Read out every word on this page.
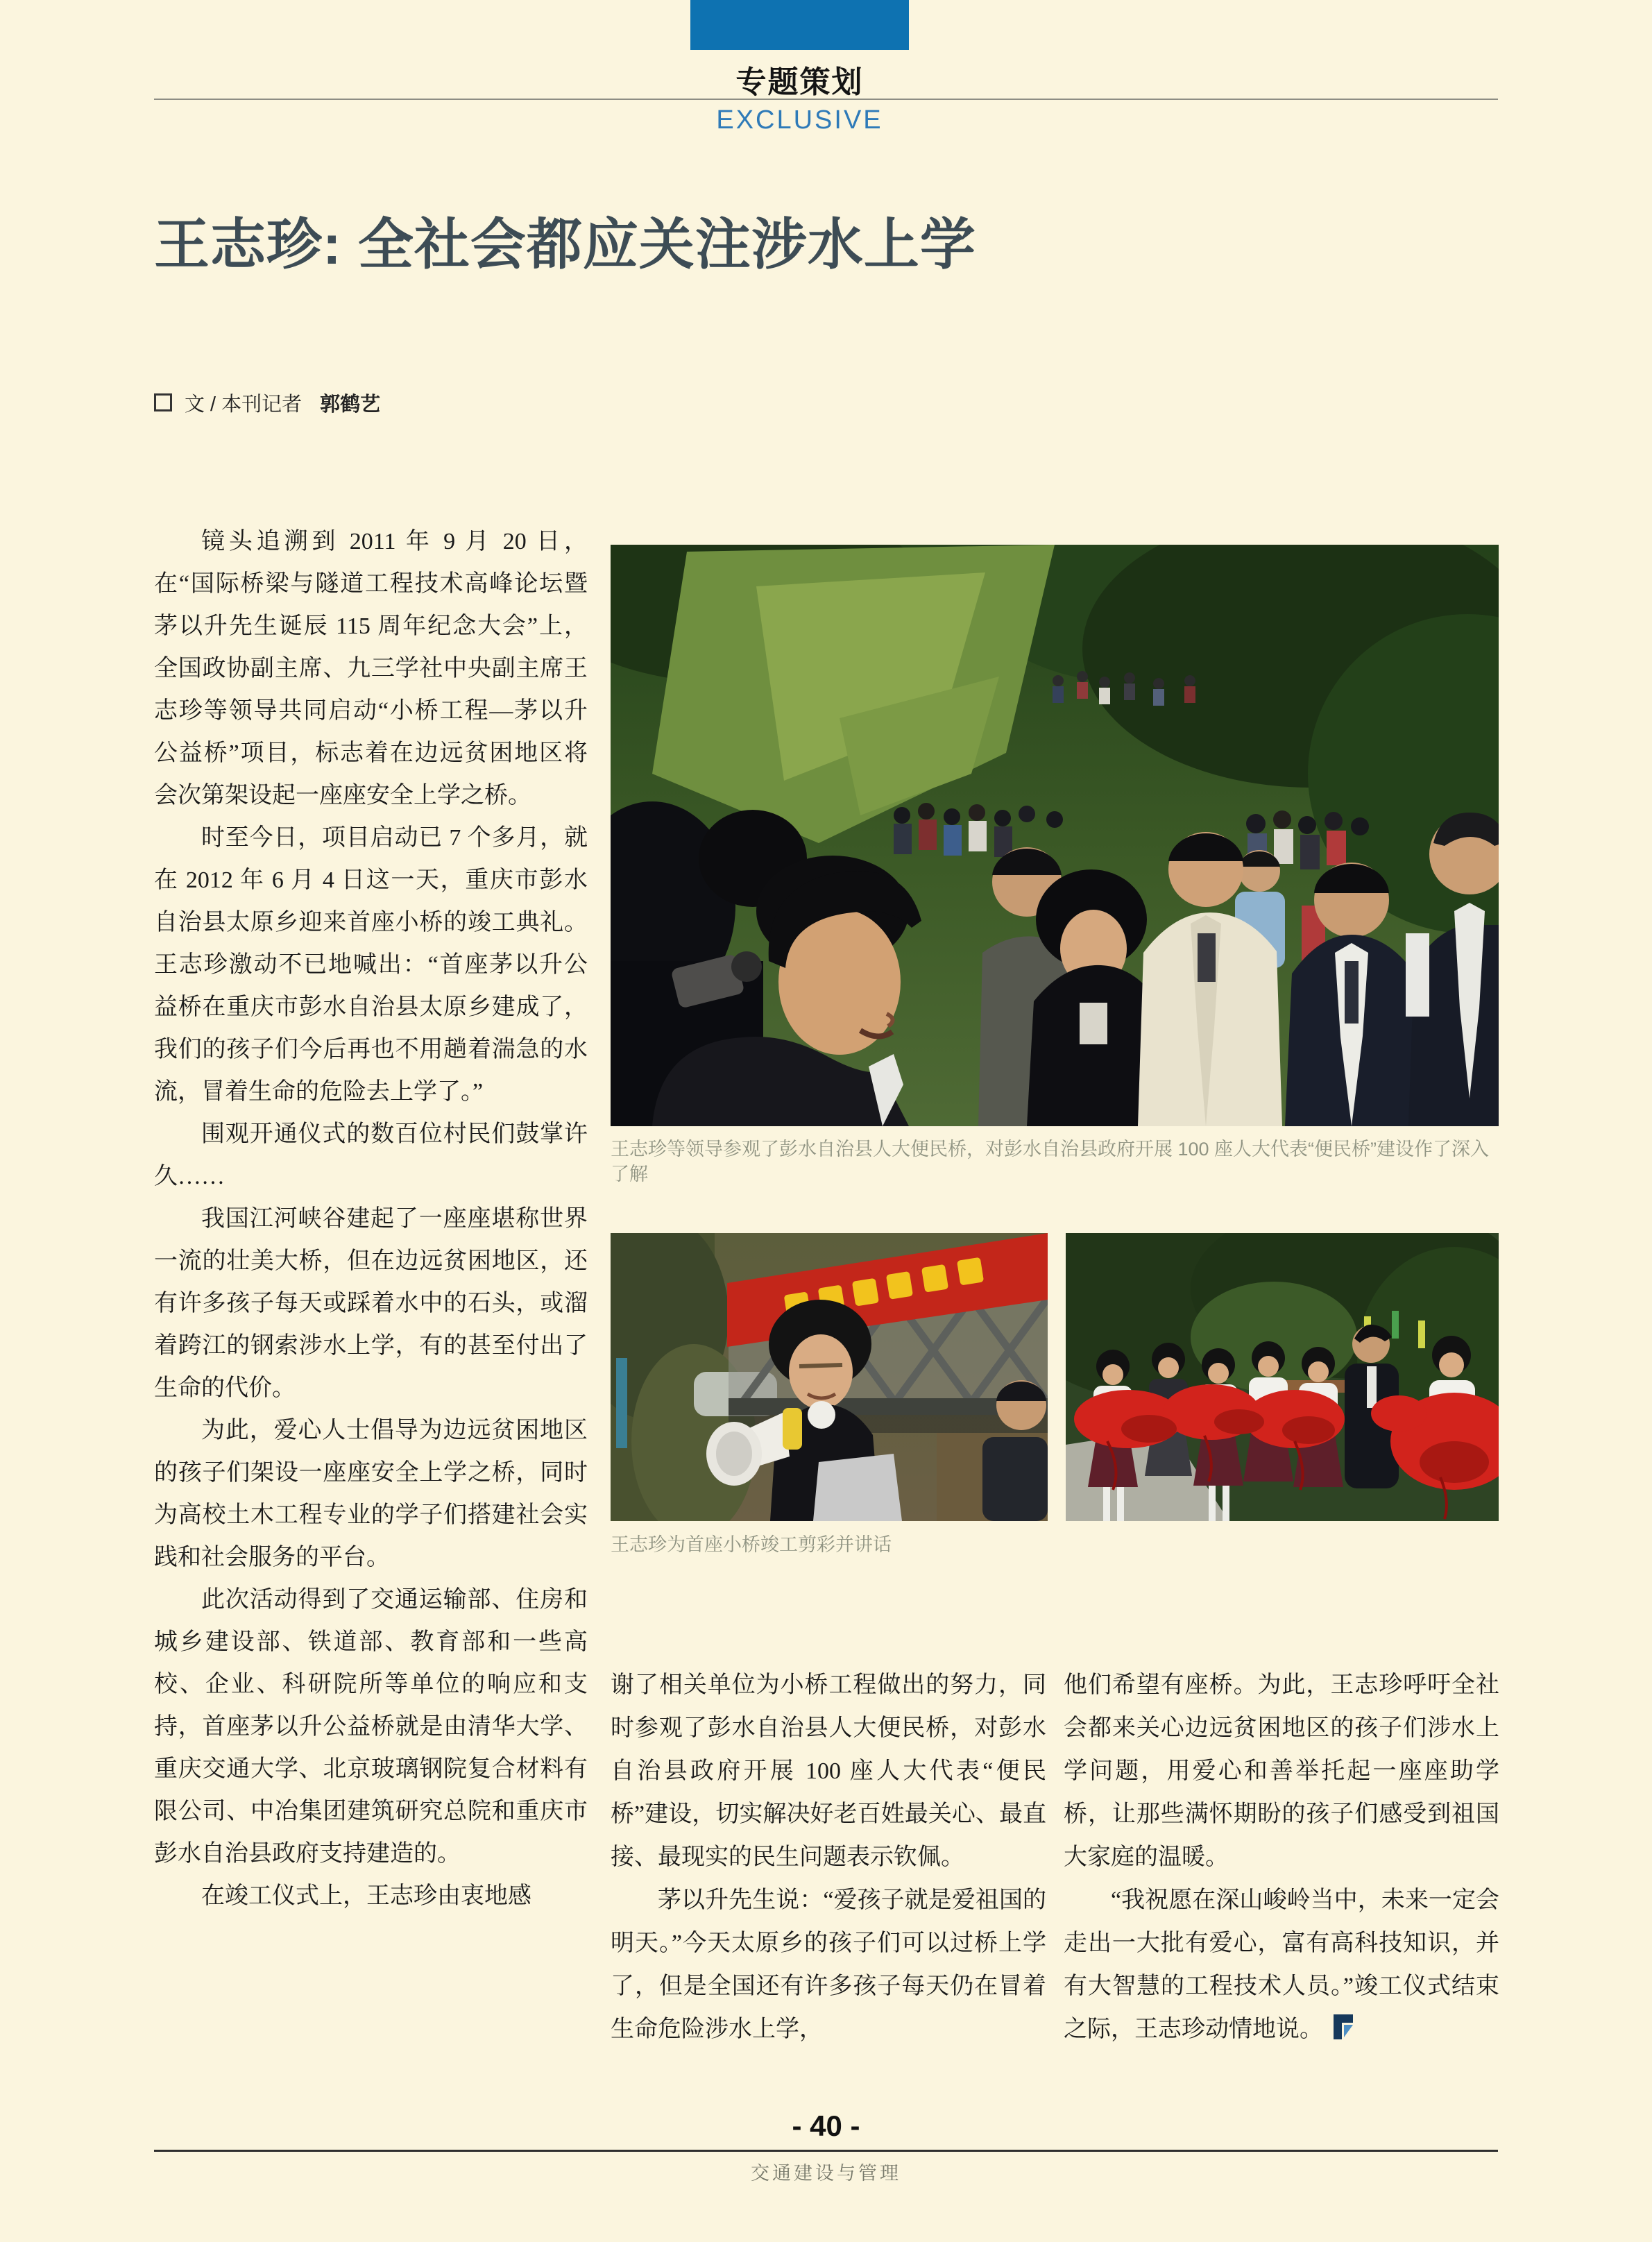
专题策划
EXCLUSIVE
王志珍: 全社会都应关注涉水上学
文 / 本刊记者 郭鹤艺

镜头追溯到 2011 年 9 月 20 日，在“国际桥梁与隧道工程技术高峰论坛暨茅以升先生诞辰 115 周年纪念大会”上，全国政协副主席、九三学社中央副主席王志珍等领导共同启动“小桥工程—茅以升公益桥”项目，标志着在边远贫困地区将会次第架设起一座座安全上学之桥。

时至今日，项目启动已 7 个多月，就在 2012 年 6 月 4 日这一天，重庆市彭水自治县太原乡迎来首座小桥的竣工典礼。王志珍激动不已地喊出：“首座茅以升公益桥在重庆市彭水自治县太原乡建成了，我们的孩子们今后再也不用趟着湍急的水流，冒着生命的危险去上学了。”

围观开通仪式的数百位村民们鼓掌许久……

我国江河峡谷建起了一座座堪称世界一流的壮美大桥，但在边远贫困地区，还有许多孩子每天或踩着水中的石头，或溜着跨江的钢索涉水上学，有的甚至付出了生命的代价。

为此，爱心人士倡导为边远贫困地区的孩子们架设一座座安全上学之桥，同时为高校土木工程专业的学子们搭建社会实践和社会服务的平台。

此次活动得到了交通运输部、住房和城乡建设部、铁道部、教育部和一些高校、企业、科研院所等单位的响应和支持，首座茅以升公益桥就是由清华大学、重庆交通大学、北京玻璃钢院复合材料有限公司、中冶集团建筑研究总院和重庆市彭水自治县政府支持建造的。

在竣工仪式上，王志珍由衷地感

王志珍等领导参观了彭水自治县人大便民桥，对彭水自治县政府开展 100 座人大代表“便民桥”建设作了深入了解
王志珍为首座小桥竣工剪彩并讲话

谢了相关单位为小桥工程做出的努力，同时参观了彭水自治县人大便民桥，对彭水自治县政府开展 100 座人大代表“便民桥”建设，切实解决好老百姓最关心、最直接、最现实的民生问题表示钦佩。

茅以升先生说：“爱孩子就是爱祖国的明天。”今天太原乡的孩子们可以过桥上学了，但是全国还有许多孩子每天仍在冒着生命危险涉水上学，

他们希望有座桥。为此，王志珍呼吁全社会都来关心边远贫困地区的孩子们涉水上学问题，用爱心和善举托起一座座助学桥，让那些满怀期盼的孩子们感受到祖国大家庭的温暖。

“我祝愿在深山峻岭当中，未来一定会走出一大批有爱心，富有高科技知识，并有大智慧的工程技术人员。”竣工仪式结束之际，王志珍动情地说。

- 40 -
交通建设与管理
